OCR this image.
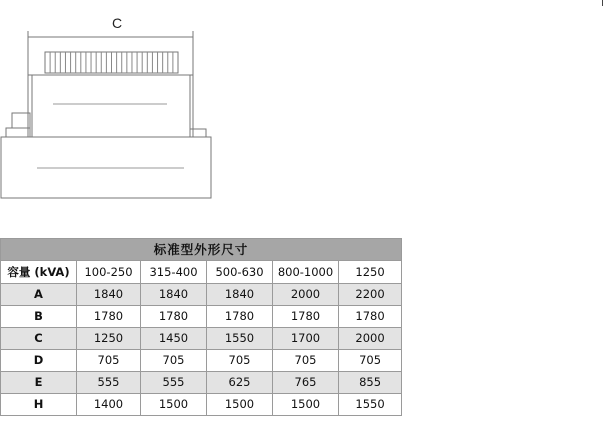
C
标准型外形尺寸					
容量 (kVA)	100-250	315-400	500-630	800-1000	1250
A	1840	1840	1840	2000	2200
B	1780	1780	1780	1780	1780
C	1250	1450	1550	1700	2000
D	705	705	705	705	705
E	555	555	625	765	855
H	1400	1500	1500	1500	1550
